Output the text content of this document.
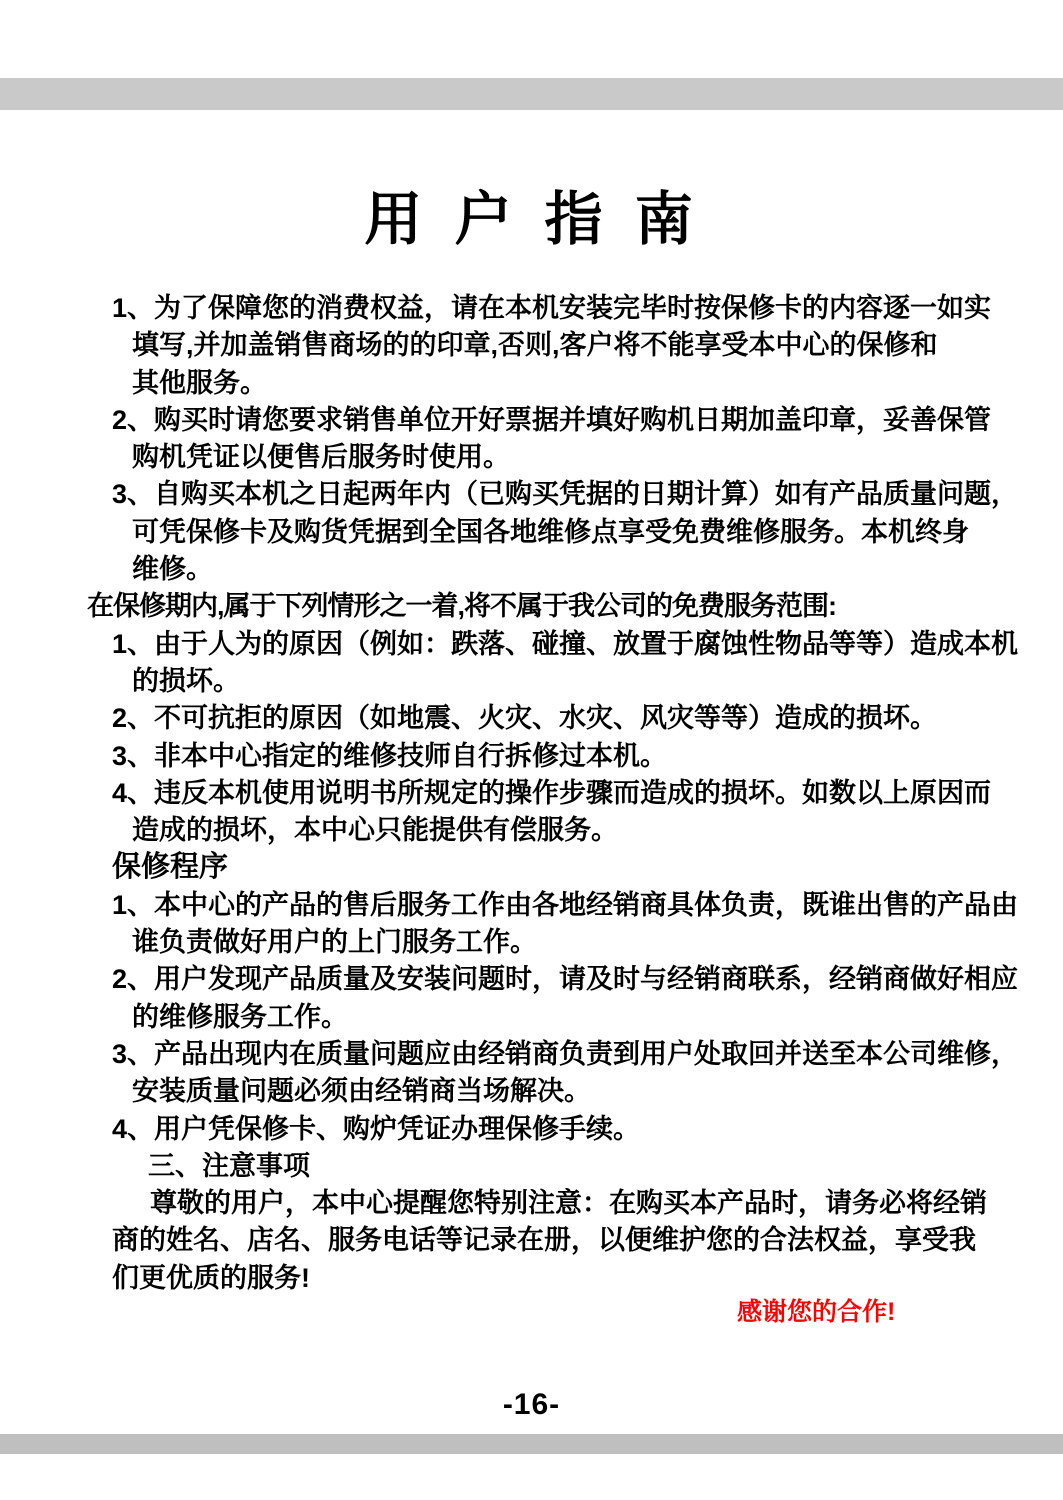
用 户 指 南
1、为了保障您的消费权益，请在本机安装完毕时按保修卡的内容逐一如实
填写,并加盖销售商场的的印章,否则,客户将不能享受本中心的保修和
其他服务。
2、购买时请您要求销售单位开好票据并填好购机日期加盖印章，妥善保管
购机凭证以便售后服务时使用。
3、自购买本机之日起两年内（已购买凭据的日期计算）如有产品质量问题，
可凭保修卡及购货凭据到全国各地维修点享受免费维修服务。本机终身
维修。
在保修期内,属于下列情形之一着,将不属于我公司的免费服务范围:
1、由于人为的原因（例如：跌落、碰撞、放置于腐蚀性物品等等）造成本机
的损坏。
2、不可抗拒的原因（如地震、火灾、水灾、风灾等等）造成的损坏。
3、非本中心指定的维修技师自行拆修过本机。
4、违反本机使用说明书所规定的操作步骤而造成的损坏。如数以上原因而
造成的损坏，本中心只能提供有偿服务。
保修程序
1、本中心的产品的售后服务工作由各地经销商具体负责，既谁出售的产品由
谁负责做好用户的上门服务工作。
2、用户发现产品质量及安装问题时，请及时与经销商联系，经销商做好相应
的维修服务工作。
3、产品出现内在质量问题应由经销商负责到用户处取回并送至本公司维修，
安装质量问题必须由经销商当场解决。
4、用户凭保修卡、购炉凭证办理保修手续。
三、注意事项
尊敬的用户，本中心提醒您特别注意：在购买本产品时，请务必将经销
商的姓名、店名、服务电话等记录在册，以便维护您的合法权益，享受我
们更优质的服务!
感谢您的合作!
-16-
